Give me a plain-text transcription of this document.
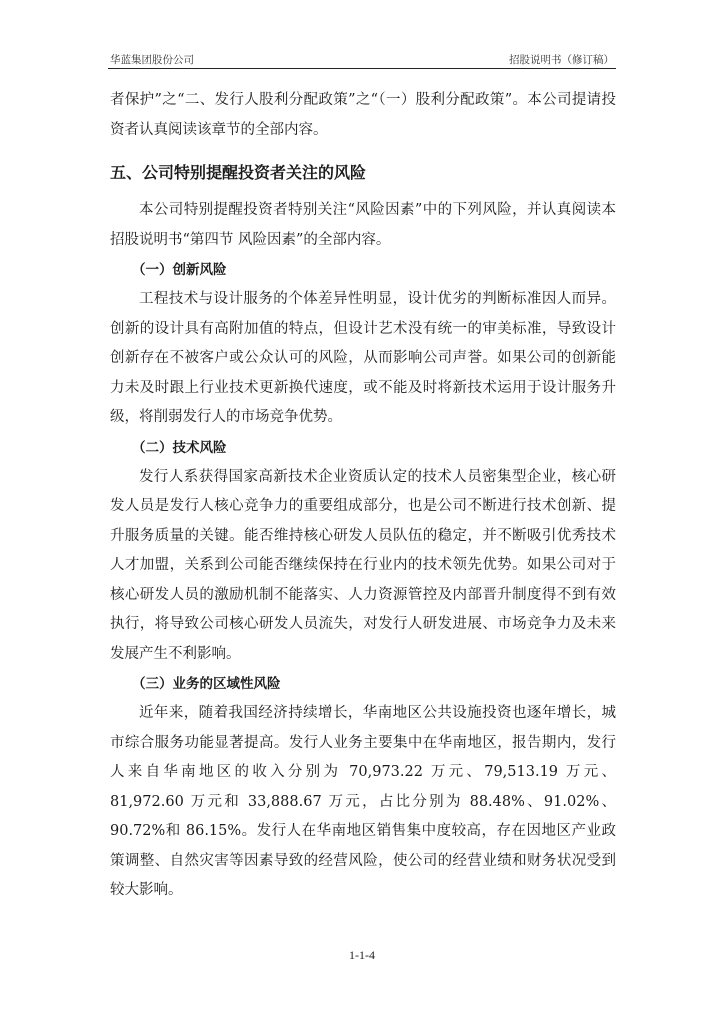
华蓝集团股份公司	招股说明书（修订稿）

者保护”之“二、发行人股利分配政策”之“（一）股利分配政策”。本公司提请投资者认真阅读该章节的全部内容。

五、公司特别提醒投资者关注的风险

本公司特别提醒投资者特别关注“风险因素”中的下列风险，并认真阅读本招股说明书“第四节 风险因素”的全部内容。

（一）创新风险

工程技术与设计服务的个体差异性明显，设计优劣的判断标准因人而异。创新的设计具有高附加值的特点，但设计艺术没有统一的审美标准，导致设计创新存在不被客户或公众认可的风险，从而影响公司声誉。如果公司的创新能力未及时跟上行业技术更新换代速度，或不能及时将新技术运用于设计服务升级，将削弱发行人的市场竞争优势。

（二）技术风险

发行人系获得国家高新技术企业资质认定的技术人员密集型企业，核心研发人员是发行人核心竞争力的重要组成部分，也是公司不断进行技术创新、提升服务质量的关键。能否维持核心研发人员队伍的稳定，并不断吸引优秀技术人才加盟，关系到公司能否继续保持在行业内的技术领先优势。如果公司对于核心研发人员的激励机制不能落实、人力资源管控及内部晋升制度得不到有效执行，将导致公司核心研发人员流失，对发行人研发进展、市场竞争力及未来发展产生不利影响。

（三）业务的区域性风险

近年来，随着我国经济持续增长，华南地区公共设施投资也逐年增长，城市综合服务功能显著提高。发行人业务主要集中在华南地区，报告期内，发行人来自华南地区的收入分别为 70,973.22 万元、79,513.19 万元、81,972.60 万元和 33,888.67 万元，占比分别为 88.48%、91.02%、90.72%和 86.15%。发行人在华南地区销售集中度较高，存在因地区产业政策调整、自然灾害等因素导致的经营风险，使公司的经营业绩和财务状况受到较大影响。

1-1-4
